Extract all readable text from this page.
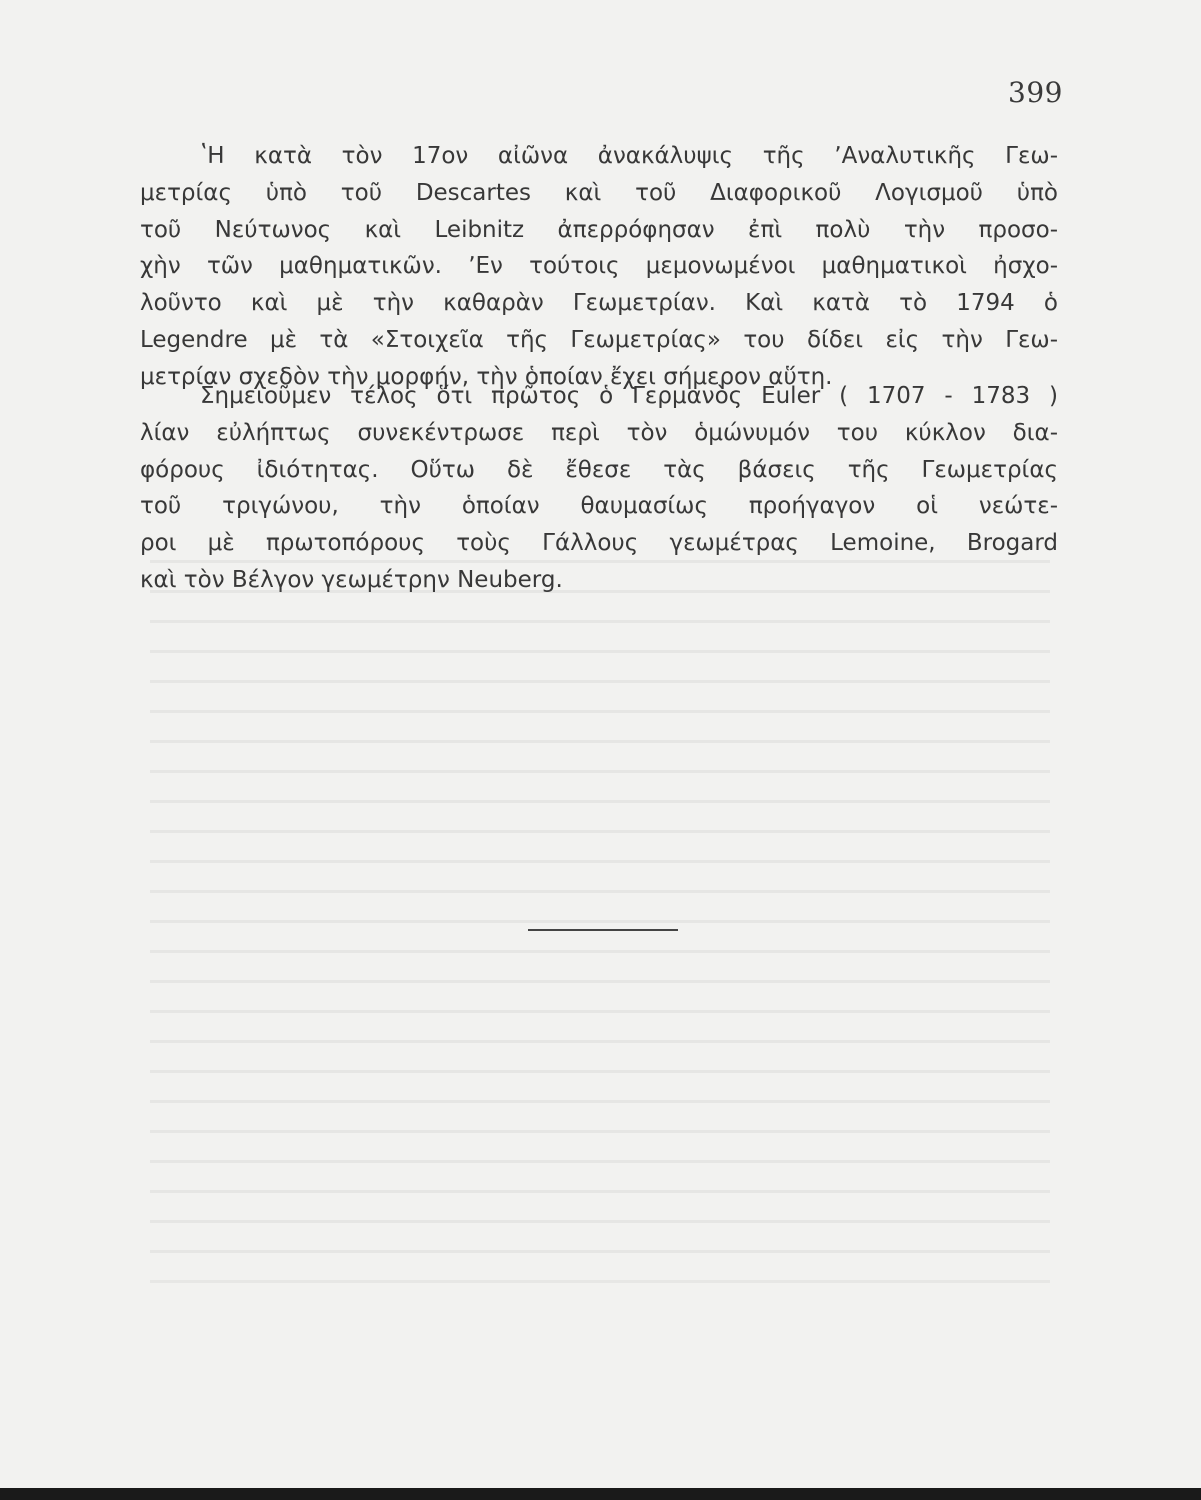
399
ʽΗ κατὰ τὸν 17ον αἰῶνα ἀνακάλυψις τῆς ʼΑναλυτικῆς Γεω-
μετρίας ὑπὸ τοῦ Descartes καὶ τοῦ Διαφορικοῦ Λογισμοῦ ὑπὸ
τοῦ Νεύτωνος καὶ Leibnitz ἀπερρόφησαν ἐπὶ πολὺ τὴν προσο-
χὴν τῶν μαθηματικῶν. ʼΕν τούτοις μεμονωμένοι μαθηματικοὶ ἠσχο-
λοῦντο καὶ μὲ τὴν καθαρὰν Γεωμετρίαν. Καὶ κατὰ τὸ 1794 ὁ
Legendre μὲ τὰ «Στοιχεῖα τῆς Γεωμετρίας» του δίδει εἰς τὴν Γεω-
μετρίαν σχεδὸν τὴν μορφήν, τὴν ὁποίαν ἔχει σήμερον αὕτη.
Σημειοῦμεν τέλος ὅτι πρῶτος ὁ Γερμανὸς Euler ( 1707 - 1783 )
λίαν εὐλήπτως συνεκέντρωσε περὶ τὸν ὁμώνυμόν του κύκλον δια-
φόρους ἰδιότητας. Οὕτω δὲ ἔθεσε τὰς βάσεις τῆς Γεωμετρίας
τοῦ τριγώνου, τὴν ὁποίαν θαυμασίως προήγαγον οἱ νεώτε-
ροι μὲ πρωτοπόρους τοὺς Γάλλους γεωμέτρας Lemoine, Brogard
καὶ τὸν Βέλγον γεωμέτρην Neuberg.
